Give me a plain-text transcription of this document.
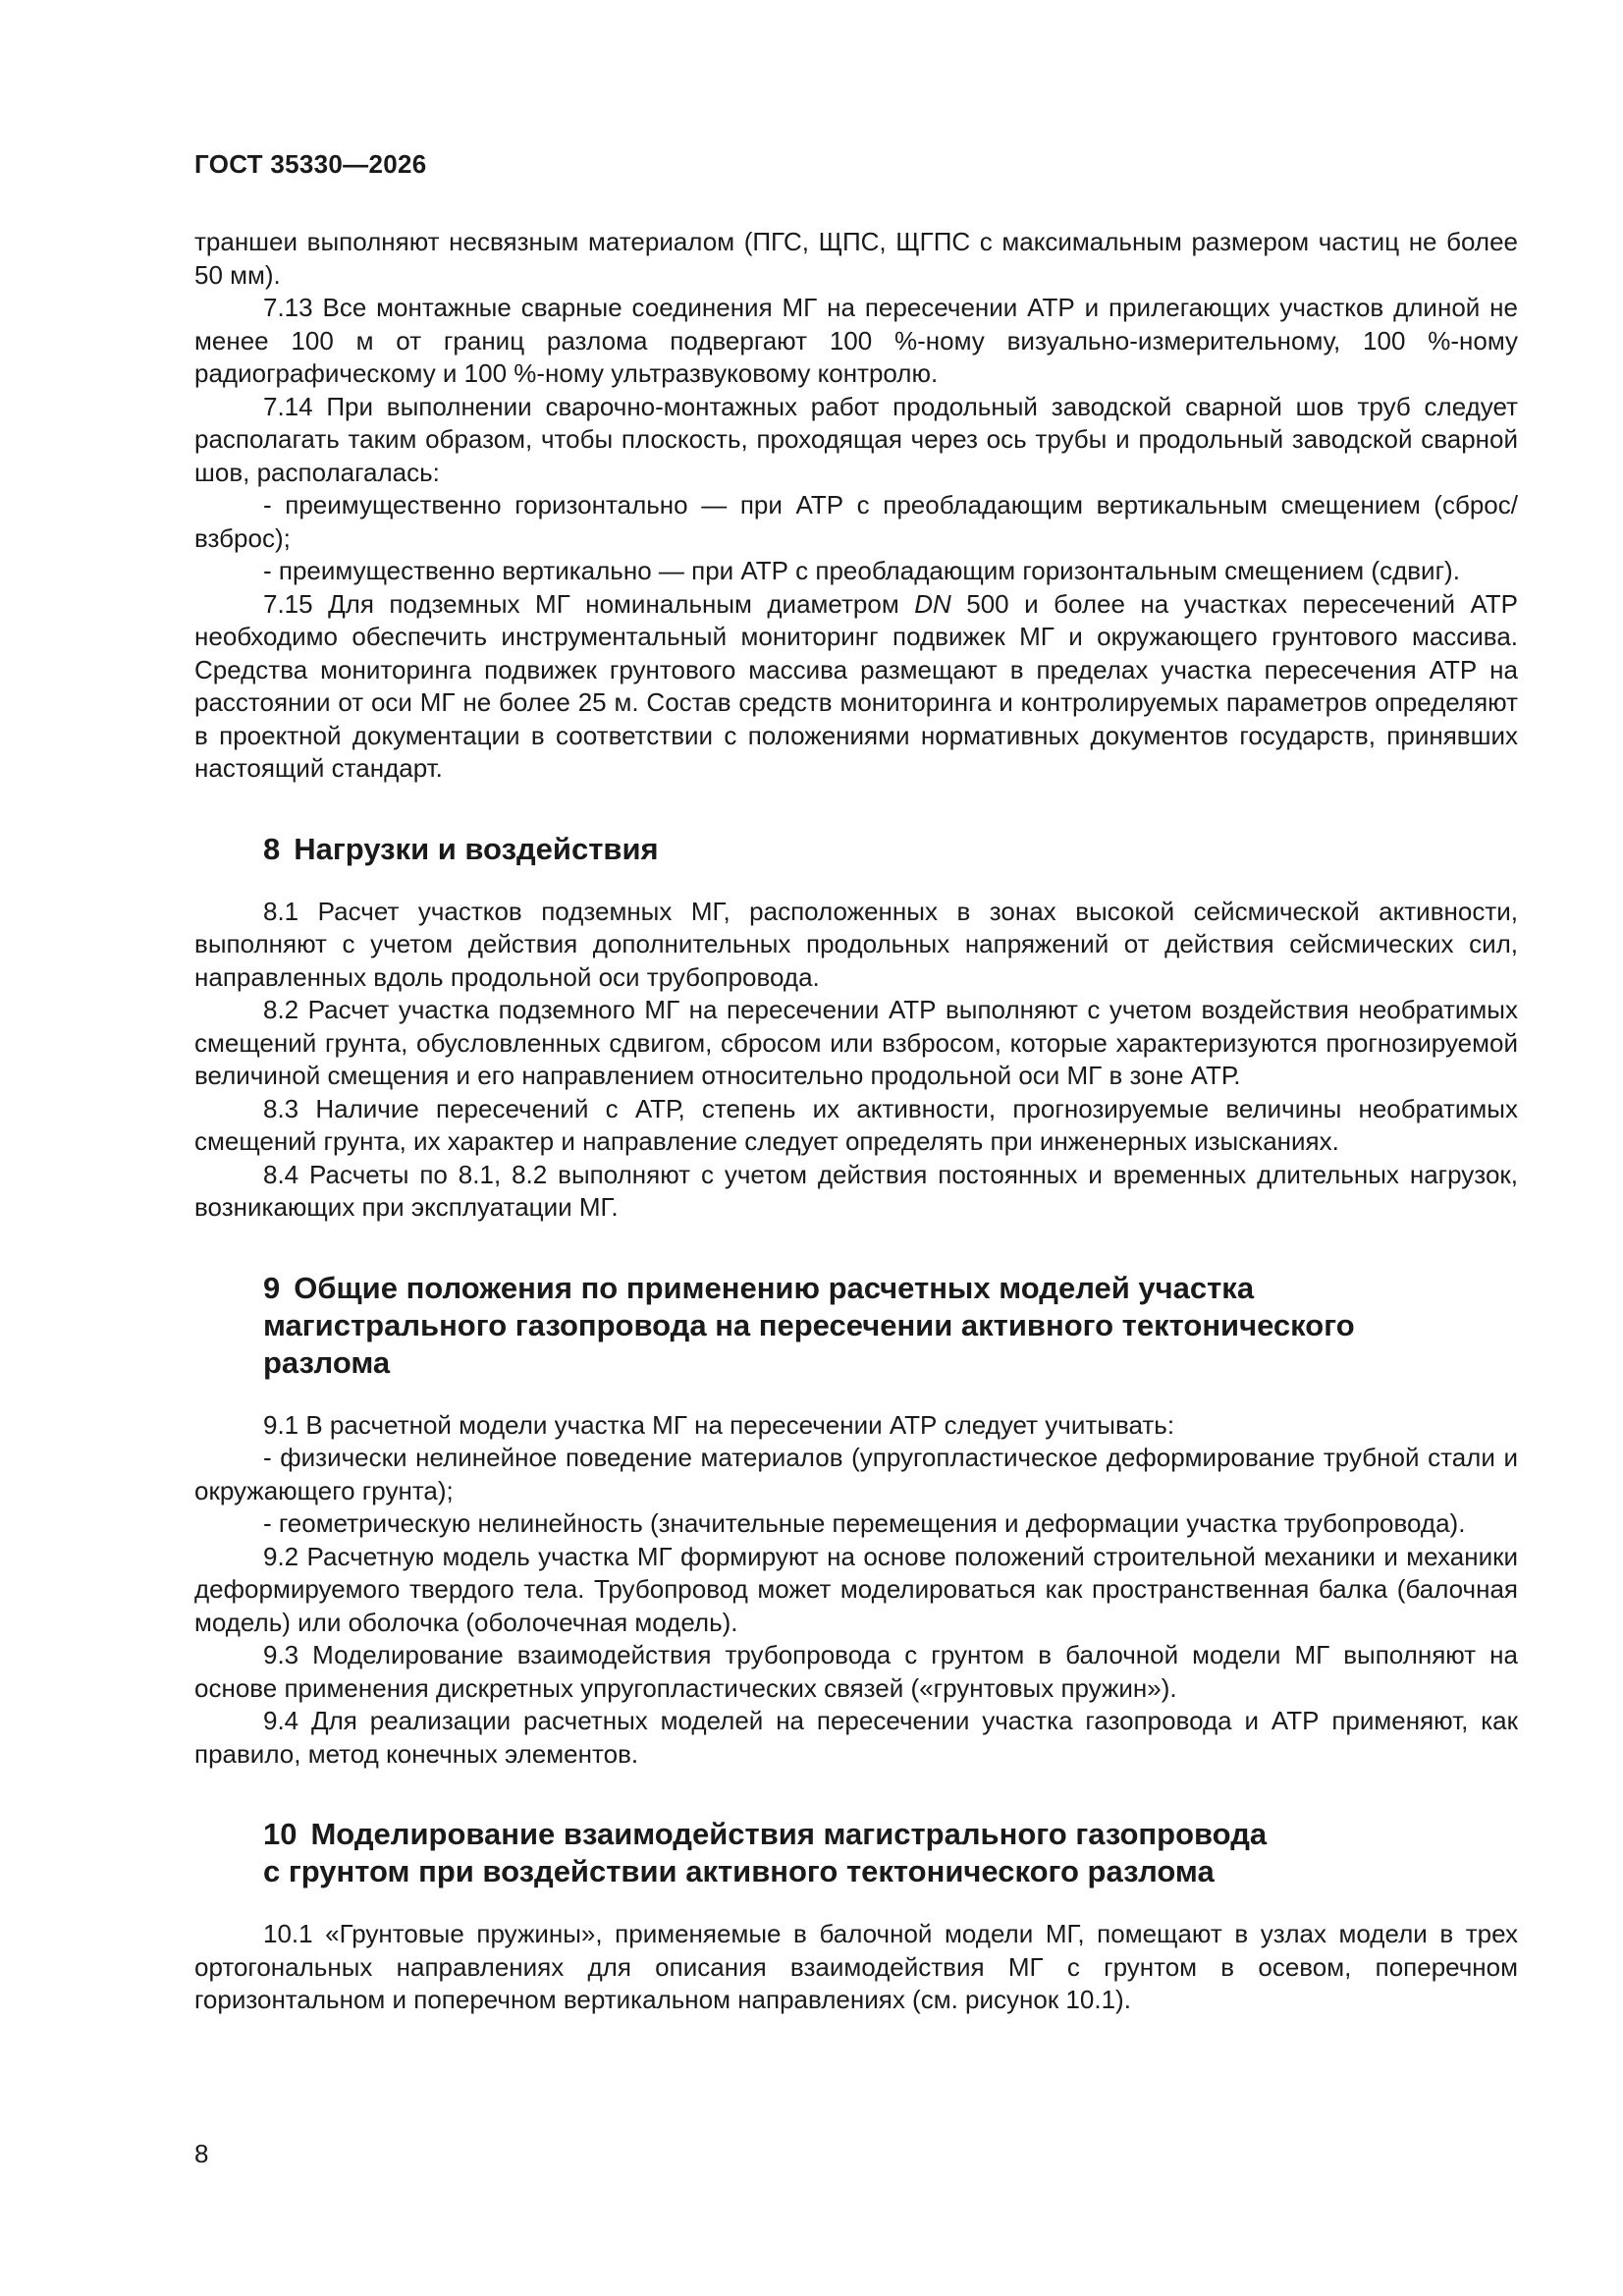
ГОСТ 35330—2026

траншеи выполняют несвязным материалом (ПГС, ЩПС, ЩГПС с максимальным размером частиц не более 50 мм).

7.13 Все монтажные сварные соединения МГ на пересечении АТР и прилегающих участков длиной не менее 100 м от границ разлома подвергают 100 %-ному визуально-измерительному, 100 %-ному радиографическому и 100 %-ному ультразвуковому контролю.

7.14 При выполнении сварочно-монтажных работ продольный заводской сварной шов труб следует располагать таким образом, чтобы плоскость, проходящая через ось трубы и продольный заводской сварной шов, располагалась:

- преимущественно горизонтально — при АТР с преобладающим вертикальным смещением (сброс/взброс);

- преимущественно вертикально — при АТР с преобладающим горизонтальным смещением (сдвиг).

7.15 Для подземных МГ номинальным диаметром DN 500 и более на участках пересечений АТР необходимо обеспечить инструментальный мониторинг подвижек МГ и окружающего грунтового массива. Средства мониторинга подвижек грунтового массива размещают в пределах участка пересечения АТР на расстоянии от оси МГ не более 25 м. Состав средств мониторинга и контролируемых параметров определяют в проектной документации в соответствии с положениями нормативных документов государств, принявших настоящий стандарт.

8 Нагрузки и воздействия

8.1 Расчет участков подземных МГ, расположенных в зонах высокой сейсмической активности, выполняют с учетом действия дополнительных продольных напряжений от действия сейсмических сил, направленных вдоль продольной оси трубопровода.

8.2 Расчет участка подземного МГ на пересечении АТР выполняют с учетом воздействия необратимых смещений грунта, обусловленных сдвигом, сбросом или взбросом, которые характеризуются прогнозируемой величиной смещения и его направлением относительно продольной оси МГ в зоне АТР.

8.3 Наличие пересечений с АТР, степень их активности, прогнозируемые величины необратимых смещений грунта, их характер и направление следует определять при инженерных изысканиях.

8.4 Расчеты по 8.1, 8.2 выполняют с учетом действия постоянных и временных длительных нагрузок, возникающих при эксплуатации МГ.

9 Общие положения по применению расчетных моделей участка
магистрального газопровода на пересечении активного тектонического
разлома

9.1 В расчетной модели участка МГ на пересечении АТР следует учитывать:

- физически нелинейное поведение материалов (упругопластическое деформирование трубной стали и окружающего грунта);

- геометрическую нелинейность (значительные перемещения и деформации участка трубопровода).

9.2 Расчетную модель участка МГ формируют на основе положений строительной механики и механики деформируемого твердого тела. Трубопровод может моделироваться как пространственная балка (балочная модель) или оболочка (оболочечная модель).

9.3 Моделирование взаимодействия трубопровода с грунтом в балочной модели МГ выполняют на основе применения дискретных упругопластических связей («грунтовых пружин»).

9.4 Для реализации расчетных моделей на пересечении участка газопровода и АТР применяют, как правило, метод конечных элементов.

10 Моделирование взаимодействия магистрального газопровода
с грунтом при воздействии активного тектонического разлома

10.1 «Грунтовые пружины», применяемые в балочной модели МГ, помещают в узлах модели в трех ортогональных направлениях для описания взаимодействия МГ с грунтом в осевом, поперечном горизонтальном и поперечном вертикальном направлениях (см. рисунок 10.1).

8
